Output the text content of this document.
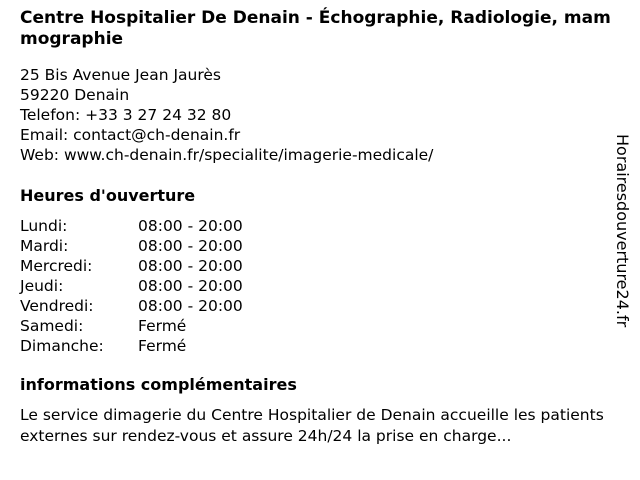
Centre Hospitalier De Denain - Échographie, Radiologie, mammographie
25 Bis Avenue Jean Jaurès
59220 Denain
Telefon: +33 3 27 24 32 80
Email: contact@ch-denain.fr
Web: www.ch-denain.fr/specialite/imagerie-medicale/
Heures d'ouverture
Lundi:	08:00 - 20:00
Mardi:	08:00 - 20:00
Mercredi:	08:00 - 20:00
Jeudi:	08:00 - 20:00
Vendredi:	08:00 - 20:00
Samedi:	Fermé
Dimanche:	Fermé
informations complémentaires
Le service dimagerie du Centre Hospitalier de Denain accueille les patients externes sur rendez-vous et assure 24h/24 la prise en charge...
Horairesdouverture24.fr
